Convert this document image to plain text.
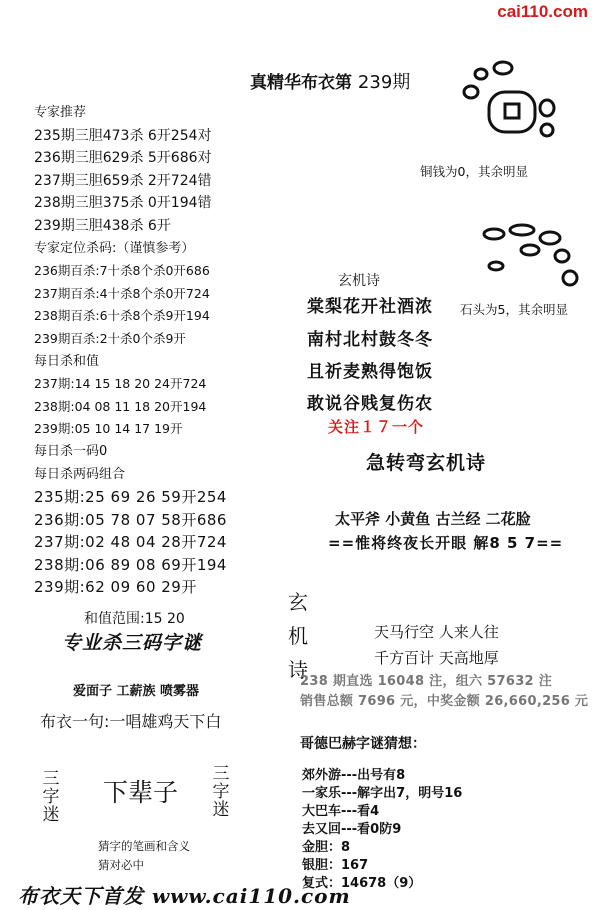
cai110.com
真精华布衣第 239期
专家推荐
235期三胆473杀 6开254对
236期三胆629杀 5开686对
237期三胆659杀 2开724错
238期三胆375杀 0开194错
239期三胆438杀 6开
专家定位杀码:（谨慎参考）
236期百杀:7十杀8个杀0开686
237期百杀:4十杀8个杀0开724
238期百杀:6十杀8个杀9开194
239期百杀:2十杀0个杀9开
每日杀和值
237期:14 15 18 20 24开724
238期:04 08 11 18 20开194
239期:05 10 14 17 19开
每日杀一码0
每日杀两码组合
235期:25 69 26 59开254
236期:05 78 07 58开686
237期:02 48 04 28开724
238期:06 89 08 69开194
239期:62 09 60 29开
和值范围:15 20
专业杀三码字谜
爱面子 工薪族 喷雾器
布衣一句:一唱雄鸡天下白
三字迷
下辈子
三字迷
猜字的笔画和含义
猜对必中
布衣天下首发 www.cai110.com
铜钱为0，其余明显
石头为5，其余明显
玄机诗
棠梨花开社酒浓
南村北村鼓冬冬
且祈麦熟得饱饭
敢说谷贱复伤农
关注１７一个
急转弯玄机诗
太平斧 小黄鱼 古兰经 二花脸
==惟将终夜长开眼 解8 5 7==
玄
机
诗
天马行空 人来人往
千方百计 天高地厚
238 期直选 16048 注，组六 57632 注
销售总额 7696 元，中奖金额 26,660,256 元
哥德巴赫字谜猜想：
郊外游---出号有8
一家乐---解字出7，明号16
大巴车---看4
去又回---看0防9
金胆：8
银胆：167
复式：14678（9）
